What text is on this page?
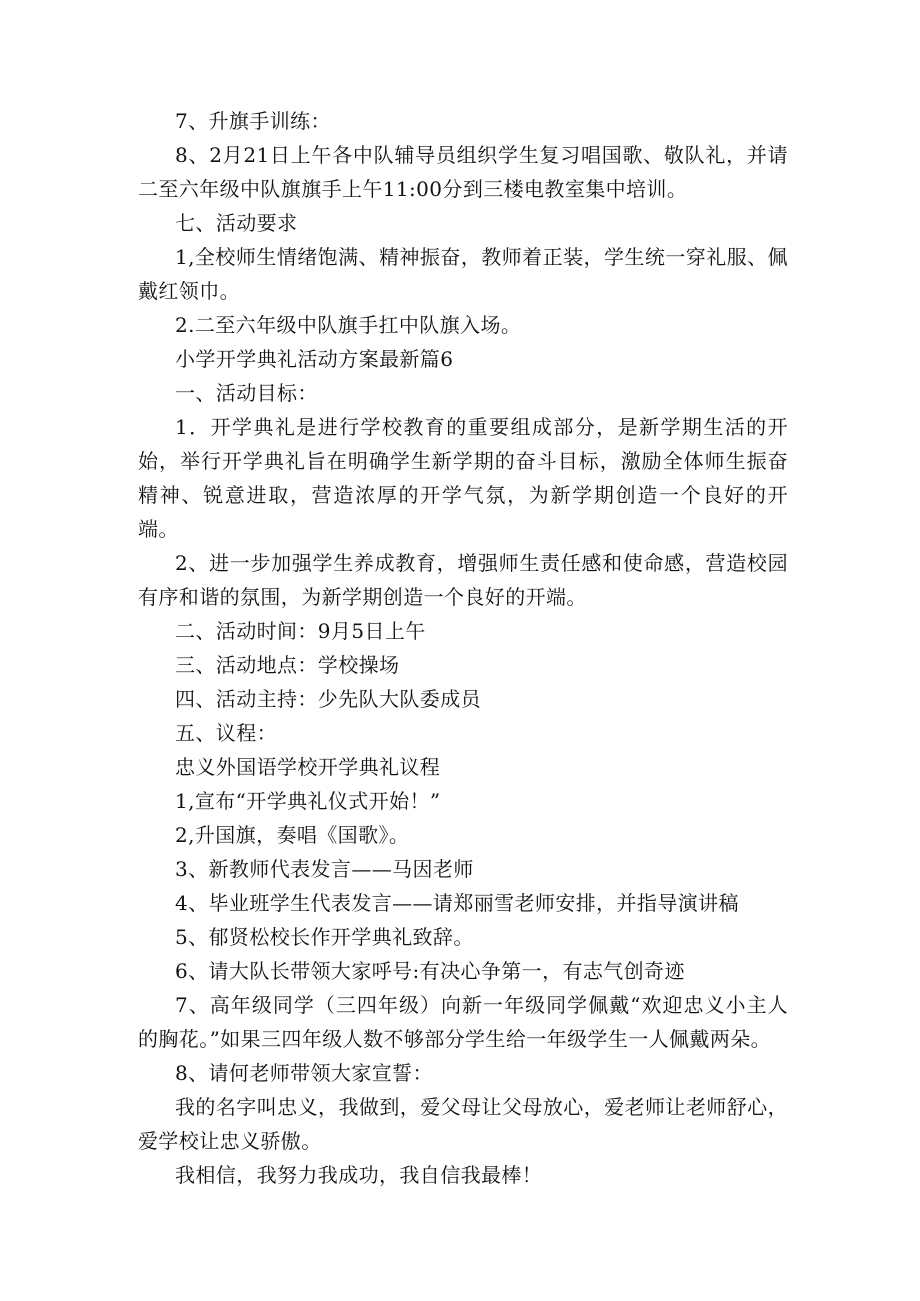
7、升旗手训练：

8、2月21日上午各中队辅导员组织学生复习唱国歌、敬队礼，并请二至六年级中队旗旗手上午11:00分到三楼电教室集中培训。

七、活动要求

1,全校师生情绪饱满、精神振奋，教师着正装，学生统一穿礼服、佩戴红领巾。

2.二至六年级中队旗手扛中队旗入场。

小学开学典礼活动方案最新篇6

一、活动目标：

1．开学典礼是进行学校教育的重要组成部分，是新学期生活的开始，举行开学典礼旨在明确学生新学期的奋斗目标，激励全体师生振奋精神、锐意进取，营造浓厚的开学气氛，为新学期创造一个良好的开端。

2、进一步加强学生养成教育，增强师生责任感和使命感，营造校园有序和谐的氛围，为新学期创造一个良好的开端。

二、活动时间：9月5日上午

三、活动地点：学校操场

四、活动主持：少先队大队委成员

五、议程：

忠义外国语学校开学典礼议程

1,宣布“开学典礼仪式开始！”

2,升国旗，奏唱《国歌》。

3、新教师代表发言——马因老师

4、毕业班学生代表发言——请郑丽雪老师安排，并指导演讲稿

5、郁贤松校长作开学典礼致辞。

6、请大队长带领大家呼号:有决心争第一，有志气创奇迹

7、高年级同学（三四年级）向新一年级同学佩戴“欢迎忠义小主人的胸花。”如果三四年级人数不够部分学生给一年级学生一人佩戴两朵。

8、请何老师带领大家宣誓：

我的名字叫忠义，我做到，爱父母让父母放心，爱老师让老师舒心，爱学校让忠义骄傲。

我相信，我努力我成功，我自信我最棒！
